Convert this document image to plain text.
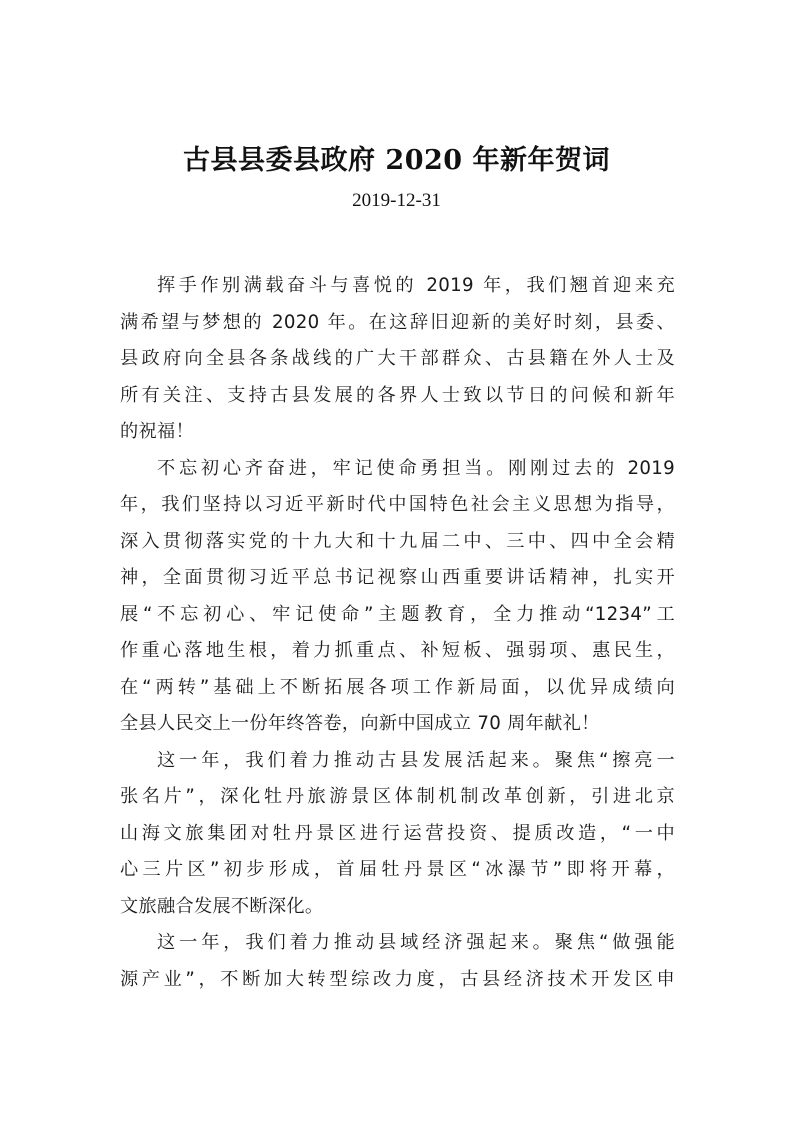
古县县委县政府 2020 年新年贺词
2019-12-31
挥手作别满载奋斗与喜悦的 2019 年，我们翘首迎来充
满希望与梦想的 2020 年。在这辞旧迎新的美好时刻，县委、
县政府向全县各条战线的广大干部群众、古县籍在外人士及
所有关注、支持古县发展的各界人士致以节日的问候和新年
的祝福！
不忘初心齐奋进，牢记使命勇担当。刚刚过去的 2019
年，我们坚持以习近平新时代中国特色社会主义思想为指导，
深入贯彻落实党的十九大和十九届二中、三中、四中全会精
神，全面贯彻习近平总书记视察山西重要讲话精神，扎实开
展“不忘初心、牢记使命”主题教育，全力推动“1234”工
作重心落地生根，着力抓重点、补短板、强弱项、惠民生，
在“两转”基础上不断拓展各项工作新局面，以优异成绩向
全县人民交上一份年终答卷，向新中国成立 70 周年献礼！
这一年，我们着力推动古县发展活起来。聚焦“擦亮一
张名片”，深化牡丹旅游景区体制机制改革创新，引进北京
山海文旅集团对牡丹景区进行运营投资、提质改造，“一中
心三片区”初步形成，首届牡丹景区“冰瀑节”即将开幕，
文旅融合发展不断深化。
这一年，我们着力推动县域经济强起来。聚焦“做强能
源产业”，不断加大转型综改力度，古县经济技术开发区申
